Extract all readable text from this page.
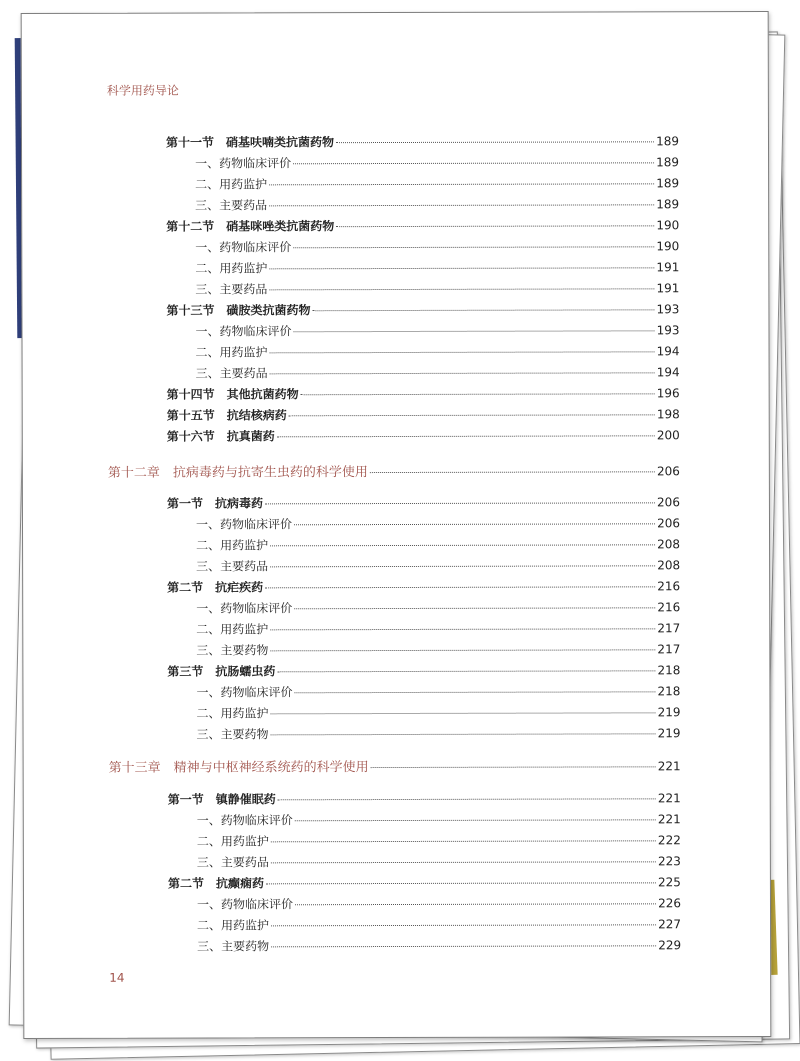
科学用药导论
第十一节　硝基呋喃类抗菌药物	189
一、药物临床评价	189
二、用药监护	189
三、主要药品	189
第十二节　硝基咪唑类抗菌药物	190
一、药物临床评价	190
二、用药监护	191
三、主要药品	191
第十三节　磺胺类抗菌药物	193
一、药物临床评价	193
二、用药监护	194
三、主要药品	194
第十四节　其他抗菌药物	196
第十五节　抗结核病药	198
第十六节　抗真菌药	200
第十二章　抗病毒药与抗寄生虫药的科学使用	206
第一节　抗病毒药	206
一、药物临床评价	206
二、用药监护	208
三、主要药品	208
第二节　抗疟疾药	216
一、药物临床评价	216
二、用药监护	217
三、主要药物	217
第三节　抗肠蠕虫药	218
一、药物临床评价	218
二、用药监护	219
三、主要药物	219
第十三章　精神与中枢神经系统药的科学使用	221
第一节　镇静催眠药	221
一、药物临床评价	221
二、用药监护	222
三、主要药品	223
第二节　抗癫痫药	225
一、药物临床评价	226
二、用药监护	227
三、主要药物	229
14
